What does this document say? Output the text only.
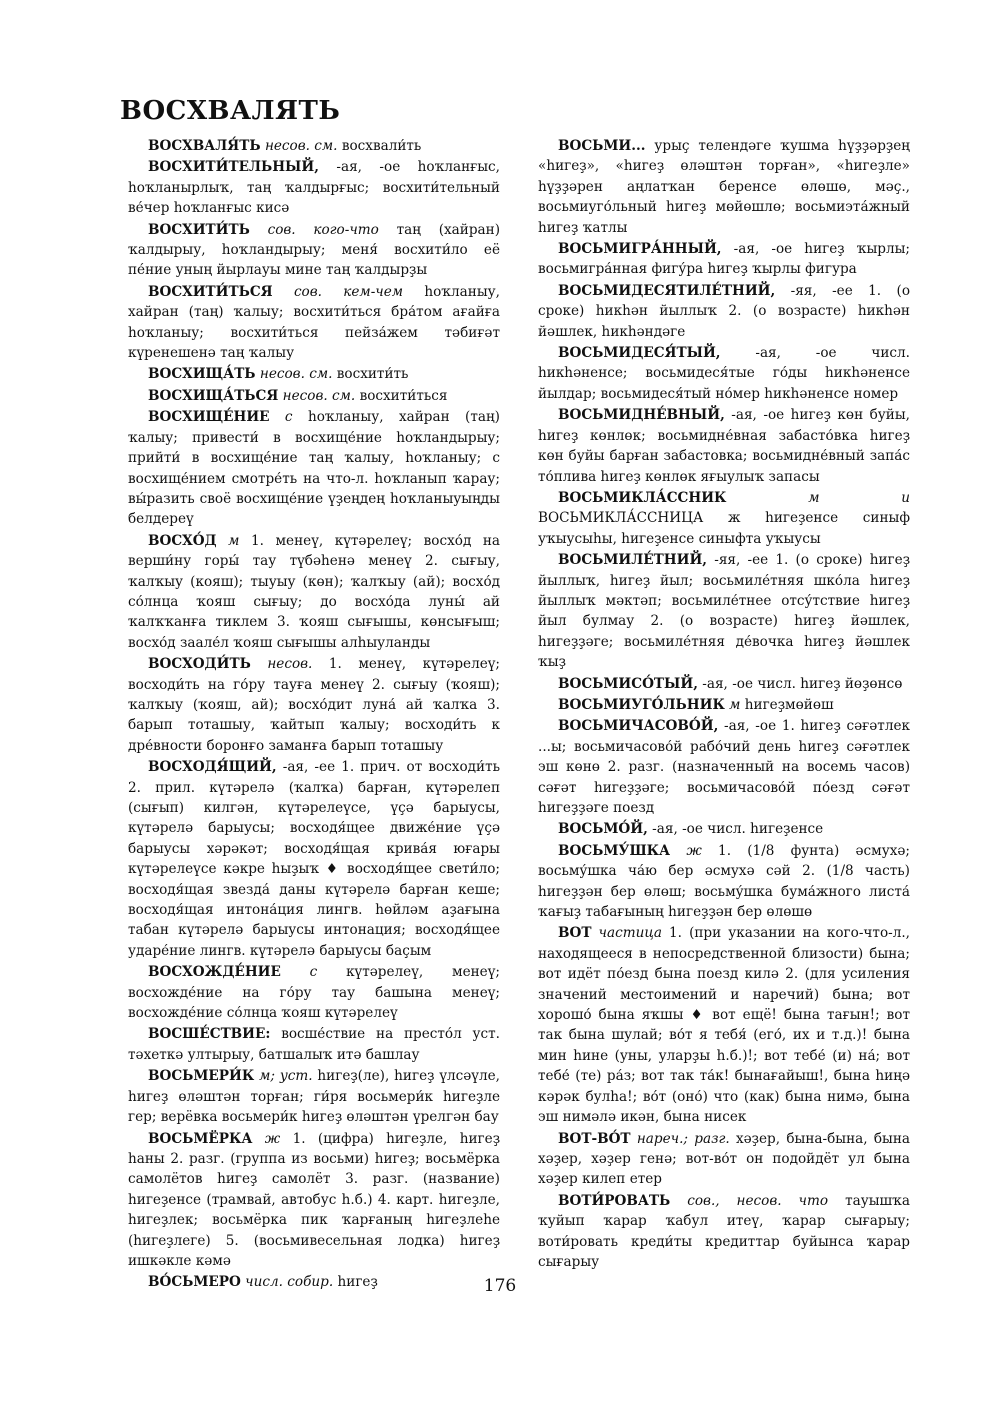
ВОСХВАЛЯТЬ

ВОСХВАЛЯ́ТЬ несов. см. восхвали́ть

ВОСХИТИ́ТЕЛЬНЫЙ, -ая, -ое һоҡланғыс, һоҡланырлыҡ, таң ҡалдырғыс; восхити́тельный ве́чер һоҡланғыс кисә

ВОСХИТИ́ТЬ сов. кого-что таң (хайран) ҡалдырыу, һоҡландырыу; меня́ восхити́ло её пе́ние уның йырлауы мине таң ҡалдырҙы

ВОСХИТИ́ТЬСЯ сов. кем-чем һоҡланыу, хайран (таң) ҡалыу; восхити́ться бра́том ағайға һоҡланыу; восхити́ться пейза́жем тәбиғәт күренешенә таң ҡалыу

ВОСХИЩА́ТЬ несов. см. восхити́ть

ВОСХИЩА́ТЬСЯ несов. см. восхити́ться

ВОСХИЩЕ́НИЕ с һоҡланыу, хайран (таң) ҡалыу; привести́ в восхище́ние һоҡландырыу; прийти́ в восхище́ние таң ҡалыу, һоҡланыу; с восхище́нием смотре́ть на что-л. һоҡланып ҡарау; вы́разить своё восхище́ние үҙеңдең һоҡланыуыңды белдереү

ВОСХО́Д м 1. менеү, күтәрелеү; восхо́д на верши́ну горы́ тау түбәһенә менеү 2. сығыу, ҡалҡыу (кояш); тыуыу (көн); ҡалҡыу (ай); восхо́д со́лнца ҡояш сығыу; до восхо́да луны́ ай ҡалҡҡанға тиклем 3. ҡояш сығышы, көнсығыш; восхо́д заале́л ҡояш сығышы алһыуланды

ВОСХОДИ́ТЬ несов. 1. менеү, күтәрелеү; восходи́ть на го́ру тауға менеү 2. сығыу (ҡояш); ҡалҡыу (ҡояш, ай); восхо́дит луна́ ай ҡалҡа 3. барып тоташыу, ҡайтып ҡалыу; восходи́ть к дре́вности боронғо заманға барып тоташыу

ВОСХОДЯ́ЩИЙ, -ая, -ее 1. прич. от восходи́ть 2. прил. күтәрелә (ҡалҡа) барған, күтәрелеп (сығып) килгән, күтәрелеүсе, үҫә барыусы, күтәрелә барыусы; восходя́щее движе́ние үҫә барыусы хәрәкәт; восходя́щая крива́я юғары күтәрелеүсе кәкре һыҙыҡ ♦ восходя́щее свети́ло; восходя́щая звезда́ даны күтәрелә барған кеше; восходя́щая интона́ция лингв. һөйләм аҙағына табан күтәрелә барыусы интонация; восходя́щее ударе́ние лингв. күтәрелә барыусы баҫым

ВОСХОЖДЕ́НИЕ с күтәрелеү, менеү; восхожде́ние на го́ру тау башына менеү; восхожде́ние со́лнца ҡояш күтәрелеү

ВОСШЕ́СТВИЕ: восше́ствие на престо́л уст. тәхеткә ултырыу, батшалыҡ итә башлау

ВОСЬМЕРИ́К м; уст. һигеҙ(ле), һигеҙ үлсәүле, һигеҙ өләштән торған; ги́ря восьмери́к һигеҙле гер; верёвка восьмери́к һигеҙ өләштән үрелгән бау

ВОСЬМЁРКА ж 1. (цифра) һигеҙле, һигеҙ һаны 2. разг. (группа из восьми) һигеҙ; восьмёрка самолётов һигеҙ самолёт 3. разг. (название) һигеҙенсе (трамвай, автобус һ.б.) 4. карт. һигеҙле, һигеҙлек; восьмёрка пик ҡарғаның һигеҙлеһе (һигеҙлеге) 5. (восьмивесельная лодка) һигеҙ ишкәкле кәмә

ВО́СЬМЕРО числ. собир. һигеҙ

ВОСЬМИ... урыҫ телендәге ҡушма һүҙҙәрҙең «һигеҙ», «һигеҙ өләштән торған», «һигеҙле» һүҙҙәрен аңлатҡан беренсе өлөшө, мәҫ., восьмиуго́льный һигеҙ мөйөшлө; восьмиэта́жный һигеҙ ҡатлы

ВОСЬМИГРА́ННЫЙ, -ая, -ое һигеҙ ҡырлы; восьмигра́нная фигу́ра һигеҙ ҡырлы фигура

ВОСЬМИДЕСЯТИЛЕ́ТНИЙ, -яя, -ее 1. (о сроке) һикһән йыллыҡ 2. (о возрасте) һикһән йәшлек, һикһәндәге

ВОСЬМИДЕСЯ́ТЫЙ,	-ая, -ое числ. һикһәненсе; восьмидеся́тые го́ды һикһәненсе йылдар; восьмидеся́тый но́мер һикһәненсе номер

ВОСЬМИДНЕ́ВНЫЙ, -ая, -ое һигеҙ көн буйы, һигеҙ көнлөк; восьмидне́вная забасто́вка һигеҙ көн буйы барған забастовка; восьмидне́вный запа́с то́плива һигеҙ көнлөк яғыулыҡ запасы

ВОСЬМИКЛА́ССНИК	м и ВОСЬМИКЛА́ССНИЦА ж һигеҙенсе синыф уҡыусыһы, һигеҙенсе синыфта уҡыусы

ВОСЬМИЛЕ́ТНИЙ, -яя, -ее 1. (о сроке) һигеҙ йыллыҡ, һигеҙ йыл; восьмиле́тняя шко́ла һигеҙ йыллыҡ мәктәп; восьмиле́тнее отсу́тствие һигеҙ йыл булмау 2. (о возрасте) һигеҙ йәшлек, һигеҙҙәге; восьмиле́тняя де́вочка һигеҙ йәшлек ҡыҙ

ВОСЬМИСО́ТЫЙ, -ая, -ое числ. һигеҙ йөҙөнсө

ВОСЬМИУГО́ЛЬНИК м һигеҙмөйөш

ВОСЬМИЧАСОВО́Й, -ая, -ое 1. һигеҙ сәғәтлек ...ы; восьмичасово́й рабо́чий день һигеҙ сәғәтлек эш көнө 2. разг. (назначенный на восемь часов) сәғәт һигеҙҙәге; восьмичасово́й по́езд сәғәт һигеҙҙәге поезд

ВОСЬМО́Й, -ая, -ое числ. һигеҙенсе

ВОСЬМУ́ШКА ж 1. (1/8 фунта) әсмухә; восьму́шка ча́ю бер әсмухә сәй 2. (1/8 часть) һигеҙҙән бер өлөш; восьму́шка бума́жного листа́ ҡағыҙ табағының һигеҙҙән бер өлөшө

ВОТ частица 1. (при указании на кого-что-л., находящееся в непосредственной близости) бына; вот идёт по́езд бына поезд килә 2. (для усиления значений местоимений и наречий) бына; вот хорошо́ бына яҡшы ♦ вот ещё! бына тағын!; вот так бына шулай; во́т я тебя́ (его́, их и т.д.)! бына мин һине (уны, уларҙы һ.б.)!; вот тебе́ (и) на́; вот тебе́ (те) ра́з; вот так та́к! бынағайыш!, бына һиңә кәрәк булһа!; во́т (оно́) что (как) бына нимә, бына эш нимәлә икән, бына нисек

ВОТ-ВО́Т нареч.; разг. хәҙер, бына-бына, бына хәҙер, хәҙер генә; вот-во́т он подойдёт ул бына хәҙер килеп етер

ВОТИ́РОВАТЬ сов., несов. что тауышҡа ҡуйып ҡарар ҡабул итеү, ҡарар сығарыу; воти́ровать креди́ты кредиттар буйынса ҡарар сығарыу

176
